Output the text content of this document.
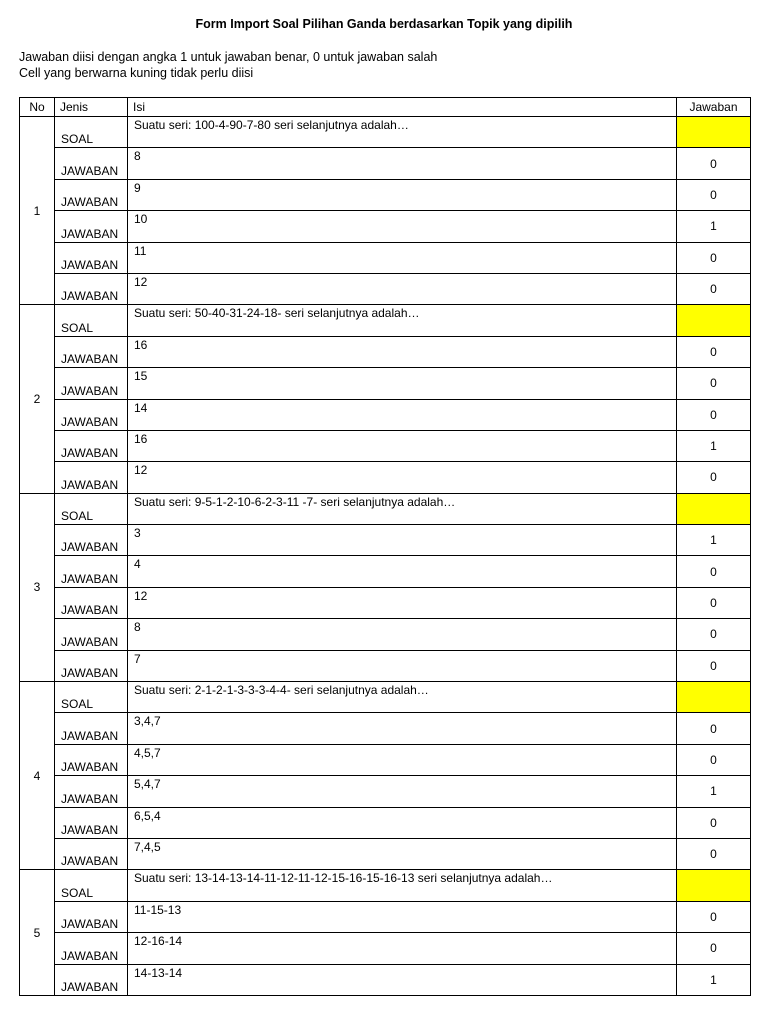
Form Import Soal Pilihan Ganda berdasarkan Topik yang dipilih
Jawaban diisi dengan angka 1 untuk jawaban benar, 0 untuk jawaban salah
Cell yang berwarna kuning tidak perlu diisi
No	Jenis	Isi	Jawaban
1	SOAL	Suatu seri: 100-4-90-7-80 seri selanjutnya adalah…	
	JAWABAN	8	0
	JAWABAN	9	0
	JAWABAN	10	1
	JAWABAN	11	0
	JAWABAN	12	0
2	SOAL	Suatu seri: 50-40-31-24-18- seri selanjutnya adalah…	
	JAWABAN	16	0
	JAWABAN	15	0
	JAWABAN	14	0
	JAWABAN	16	1
	JAWABAN	12	0
3	SOAL	Suatu seri: 9-5-1-2-10-6-2-3-11 -7- seri selanjutnya adalah…	
	JAWABAN	3	1
	JAWABAN	4	0
	JAWABAN	12	0
	JAWABAN	8	0
	JAWABAN	7	0
4	SOAL	Suatu seri: 2-1-2-1-3-3-3-4-4- seri selanjutnya adalah…	
	JAWABAN	3,4,7	0
	JAWABAN	4,5,7	0
	JAWABAN	5,4,7	1
	JAWABAN	6,5,4	0
	JAWABAN	7,4,5	0
5	SOAL	Suatu seri: 13-14-13-14-11-12-11-12-15-16-15-16-13 seri selanjutnya adalah…	
	JAWABAN	11-15-13	0
	JAWABAN	12-16-14	0
	JAWABAN	14-13-14	1
